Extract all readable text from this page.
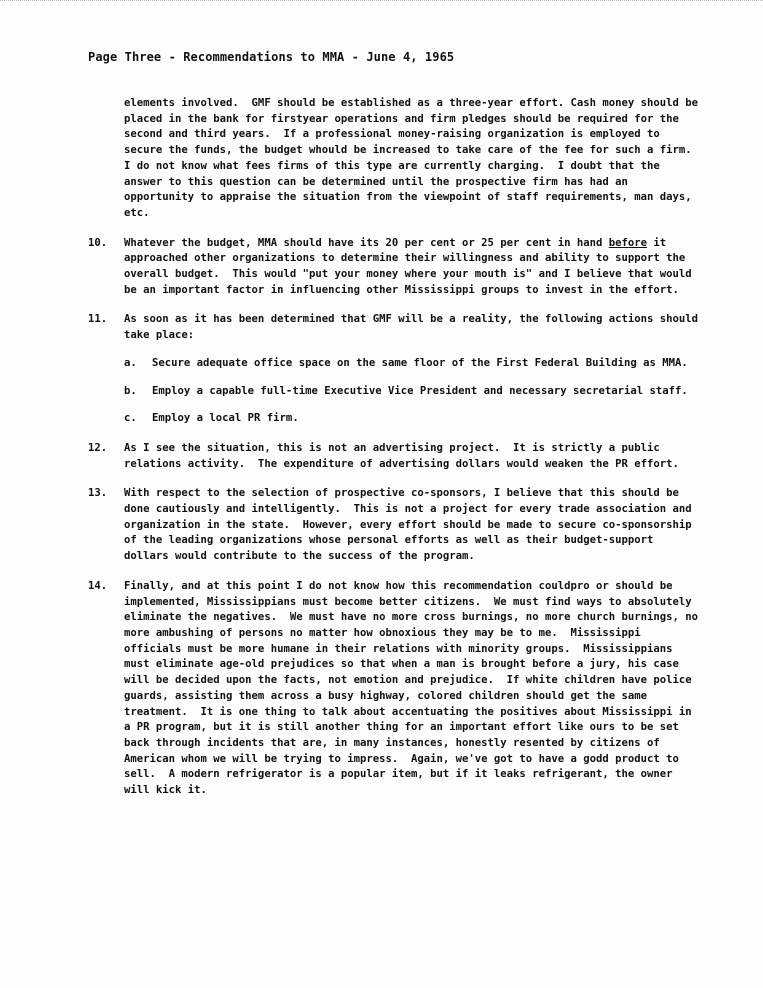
Page Three - Recommendations to MMA - June 4, 1965

elements involved.  GMF should be established as a three-year effort. Cash money should be placed in the bank for firstyear operations and firm pledges should be required for the second and third years.  If a professional money-raising organization is employed to secure the funds, the budget whould be increased to take care of the fee for such a firm.  I do not know what fees firms of this type are currently charging.  I doubt that the answer to this question can be determined until the prospective firm has had an opportunity to appraise the situation from the viewpoint of staff requirements, man days, etc.

10.	Whatever the budget, MMA should have its 20 per cent or 25 per cent in hand before it approached other organizations to determine their willingness and ability to support the overall budget.  This would "put your money where your mouth is" and I believe that would be an important factor in influencing other Mississippi groups to invest in the effort.

11.	As soon as it has been determined that GMF will be a reality, the following actions should take place:

a.	Secure adequate office space on the same floor of the First Federal Building as MMA.

b.	Employ a capable full-time Executive Vice President and necessary secretarial staff.

c.	Employ a local PR firm.

12.	As I see the situation, this is not an advertising project.  It is strictly a public relations activity.  The expenditure of advertising dollars would weaken the PR effort.

13.	With respect to the selection of prospective co-sponsors, I believe that this should be done cautiously and intelligently.  This is not a project for every trade association and organization in the state.  However, every effort should be made to secure co-sponsorship of the leading organizations whose personal efforts as well as their budget-support dollars would contribute to the success of the program.

14.	Finally, and at this point I do not know how this recommendation couldpro or should be implemented, Mississippians must become better citizens.  We must find ways to absolutely eliminate the negatives.  We must have no more cross burnings, no more church burnings, no more ambushing of persons no matter how obnoxious they may be to me.  Mississippi officials must be more humane in their relations with minority groups.  Mississippians must eliminate age-old prejudices so that when a man is brought before a jury, his case will be decided upon the facts, not emotion and prejudice.  If white children have police guards, assisting them across a busy highway, colored children should get the same treatment.  It is one thing to talk about accentuating the positives about Mississippi in a PR program, but it is still another thing for an important effort like ours to be set back through incidents that are, in many instances, honestly resented by citizens of American whom we will be trying to impress.  Again, we've got to have a godd product to sell.  A modern refrigerator is a popular item, but if it leaks refrigerant, the owner will kick it.
